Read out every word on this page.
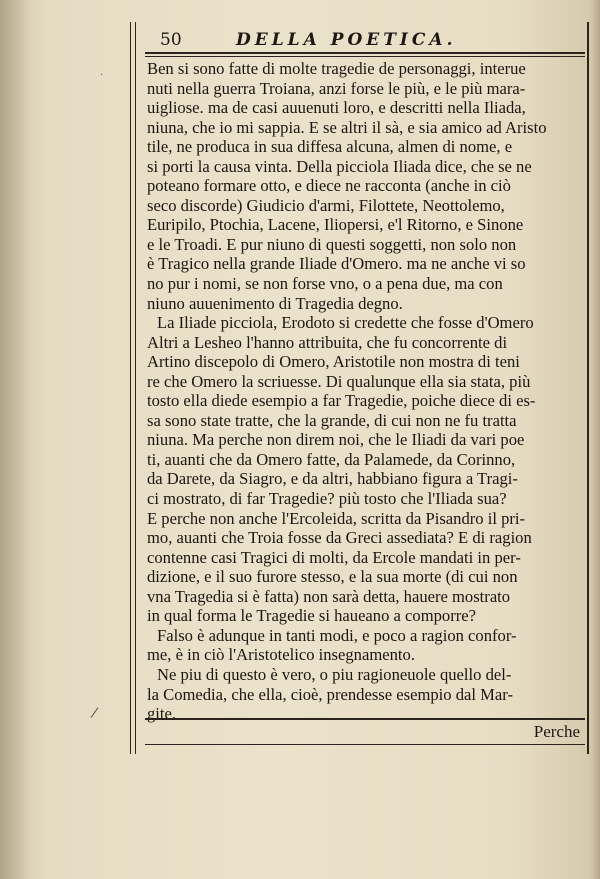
50	DELLA POETICA.
Ben si sono fatte di molte tragedie de personaggi, interue
nuti nella guerra Troiana, anzi forse le più, e le più mara-
uigliose. ma de casi auuenuti loro, e descritti nella Iliada,
niuna, che io mi sappia. E se altri il sà, e sia amico ad Aristo
tile, ne produca in sua diffesa alcuna, almen di nome, e
si porti la causa vinta. Della picciola Iliada dice, che se ne
poteano formare otto, e diece ne racconta (anche in ciò
seco discorde) Giudicio d'armi, Filottete, Neottolemo,
Euripilo, Ptochia, Lacene, Iliopersi, e'l Ritorno, e Sinone
e le Troadi. E pur niuno di questi soggetti, non solo non
è Tragico nella grande Iliade d'Omero. ma ne anche vi so
no pur i nomi, se non forse vno, o a pena due, ma con
niuno auuenimento di Tragedia degno.
La Iliade picciola, Erodoto si credette che fosse d'Omero
Altri a Lesheo l'hanno attribuita, che fu concorrente di
Artino discepolo di Omero, Aristotile non mostra di teni
re che Omero la scriuesse. Di qualunque ella sia stata, più
tosto ella diede esempio a far Tragedie, poiche diece di es-
sa sono state tratte, che la grande, di cui non ne fu tratta
niuna. Ma perche non direm noi, che le Iliadi da vari poe
ti, auanti che da Omero fatte, da Palamede, da Corinno,
da Darete, da Siagro, e da altri, habbiano figura a Tragi-
ci mostrato, di far Tragedie? più tosto che l'Iliada sua?
E perche non anche l'Ercoleida, scritta da Pisandro il pri-
mo, auanti che Troia fosse da Greci assediata? E di ragion
contenne casi Tragici di molti, da Ercole mandati in per-
dizione, e il suo furore stesso, e la sua morte (di cui non
vna Tragedia si è fatta) non sarà detta, hauere mostrato
in qual forma le Tragedie si haueano a comporre?
Falso è adunque in tanti modi, e poco a ragion confor-
me, è in ciò l'Aristotelico insegnamento.
Ne piu di questo è vero, o piu ragioneuole quello del-
la Comedia, che ella, cioè, prendesse esempio dal Mar-
gite.
Perche
·
/
